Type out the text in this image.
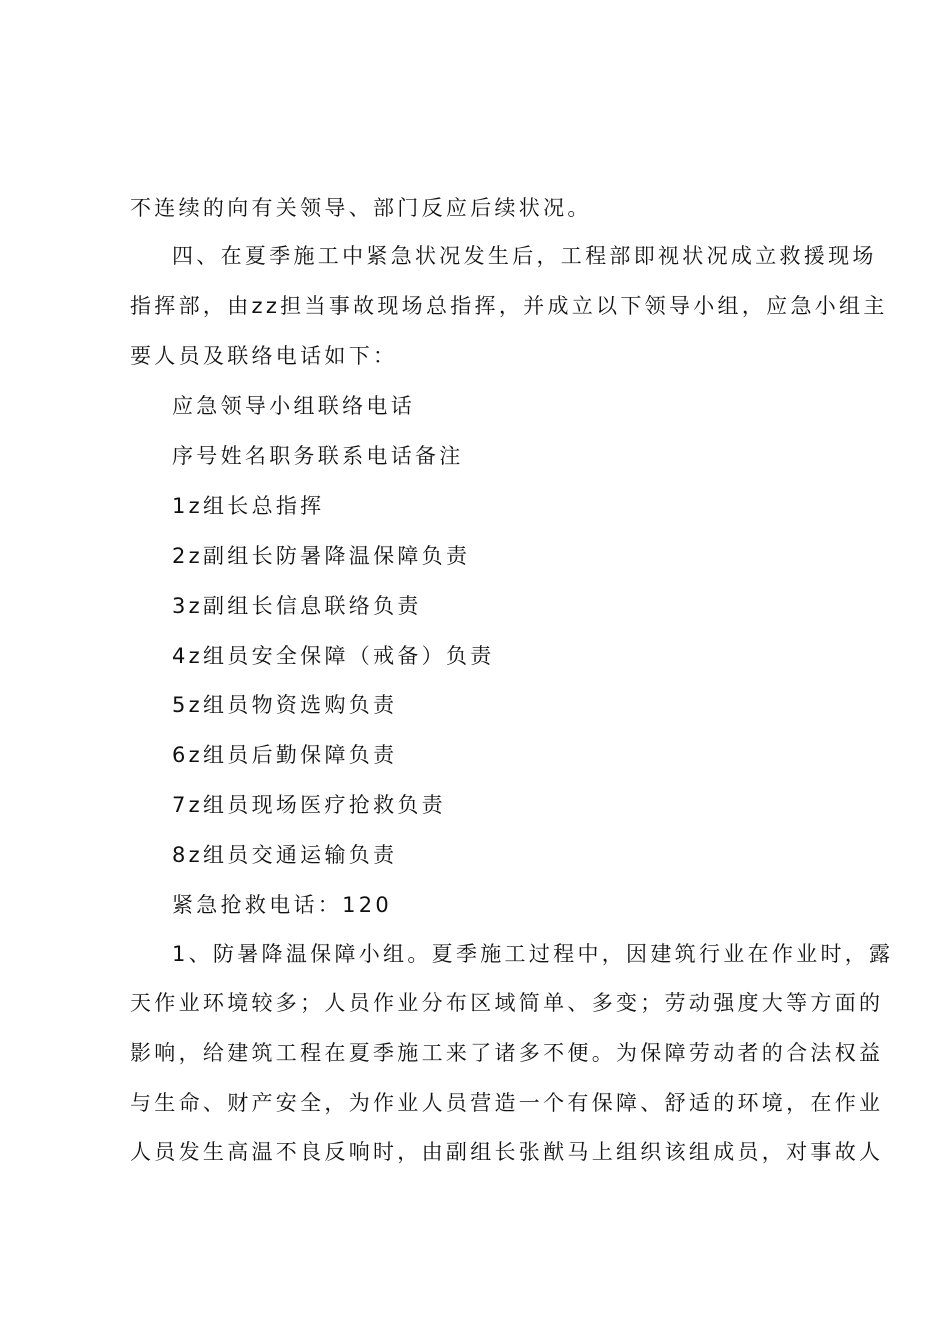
不连续的向有关领导、部门反应后续状况。
四、在夏季施工中紧急状况发生后，工程部即视状况成立救援现场
指挥部，由zz担当事故现场总指挥，并成立以下领导小组，应急小组主
要人员及联络电话如下：
应急领导小组联络电话
序号姓名职务联系电话备注
1z组长总指挥
2z副组长防暑降温保障负责
3z副组长信息联络负责
4z组员安全保障（戒备）负责
5z组员物资选购负责
6z组员后勤保障负责
7z组员现场医疗抢救负责
8z组员交通运输负责
紧急抢救电话：120
1、防暑降温保障小组。夏季施工过程中，因建筑行业在作业时，露
天作业环境较多；人员作业分布区域简单、多变；劳动强度大等方面的
影响，给建筑工程在夏季施工来了诸多不便。为保障劳动者的合法权益
与生命、财产安全，为作业人员营造一个有保障、舒适的环境，在作业
人员发生高温不良反响时，由副组长张猷马上组织该组成员，对事故人
